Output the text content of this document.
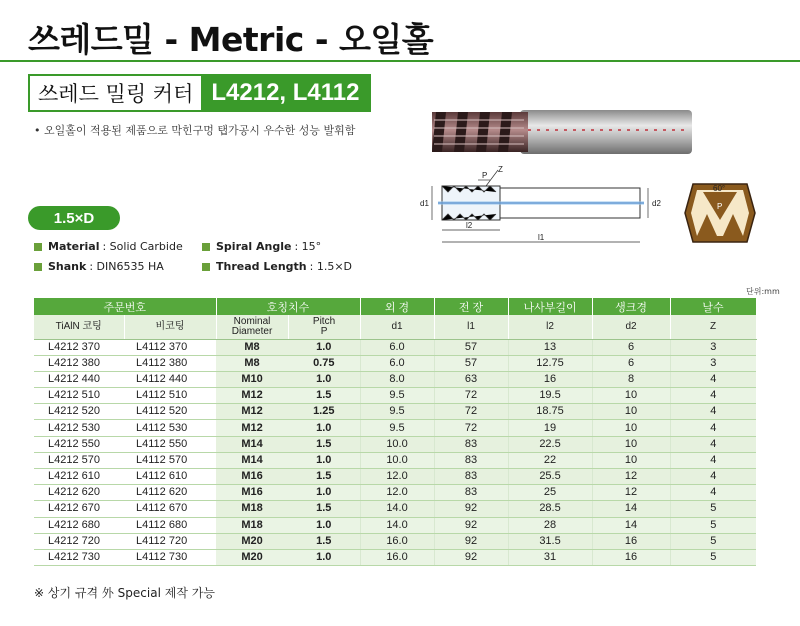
쓰레드밀 - Metric - 오일홀
쓰레드 밀링 커터 L4212, L4112
• 오일홀이 적용된 제품으로 막힌구멍 탭가공시 우수한 성능 발휘함
P
Z
d1	d2
l2
l1
60°
P
1.5×D
Material : Solid Carbide	Spiral Angle : 15°
Shank : DIN6535 HA	Thread Length : 1.5×D
단위:mm
주문번호		호칭치수		외 경	전 장	나사부길이	생크경	날수
TiAlN 코팅	비코팅	Nominal
Diameter	Pitch
P	d1	l1	l2	d2	Z
L4212 370	L4112 370	M8	1.0	6.0	57	13	6	3
L4212 380	L4112 380	M8	0.75	6.0	57	12.75	6	3
L4212 440	L4112 440	M10	1.0	8.0	63	16	8	4
L4212 510	L4112 510	M12	1.5	9.5	72	19.5	10	4
L4212 520	L4112 520	M12	1.25	9.5	72	18.75	10	4
L4212 530	L4112 530	M12	1.0	9.5	72	19	10	4
L4212 550	L4112 550	M14	1.5	10.0	83	22.5	10	4
L4212 570	L4112 570	M14	1.0	10.0	83	22	10	4
L4212 610	L4112 610	M16	1.5	12.0	83	25.5	12	4
L4212 620	L4112 620	M16	1.0	12.0	83	25	12	4
L4212 670	L4112 670	M18	1.5	14.0	92	28.5	14	5
L4212 680	L4112 680	M18	1.0	14.0	92	28	14	5
L4212 720	L4112 720	M20	1.5	16.0	92	31.5	16	5
L4212 730	L4112 730	M20	1.0	16.0	92	31	16	5
※ 상기 규격 外 Special 제작 가능
